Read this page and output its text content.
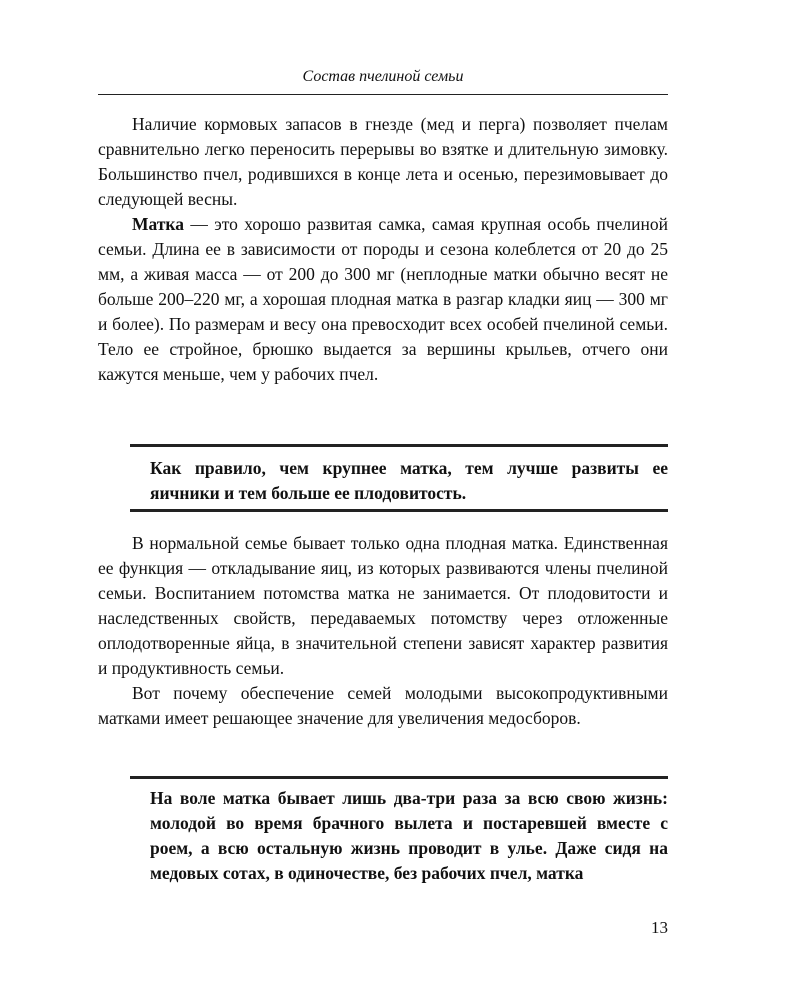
Состав пчелиной семьи

Наличие кормовых запасов в гнезде (мед и перга) позволяет пчелам сравнительно легко переносить перерывы во взятке и длительную зимовку. Большинство пчел, родившихся в конце лета и осенью, перезимовывает до следующей весны.

Матка — это хорошо развитая самка, самая крупная особь пчелиной семьи. Длина ее в зависимости от породы и сезона колеблется от 20 до 25 мм, а живая масса — от 200 до 300 мг (неплодные матки обычно весят не больше 200–220 мг, а хорошая плодная матка в разгар кладки яиц — 300 мг и более). По размерам и весу она превосходит всех особей пчелиной семьи. Тело ее стройное, брюшко выдается за вершины крыльев, отчего они кажутся меньше, чем у рабочих пчел.

Как правило, чем крупнее матка, тем лучше развиты ее яичники и тем больше ее плодовитость.

В нормальной семье бывает только одна плодная матка. Единственная ее функция — откладывание яиц, из которых развиваются члены пчелиной семьи. Воспитанием потомства матка не занимается. От плодовитости и наследственных свойств, передаваемых потомству через отложенные оплодотворенные яйца, в значительной степени зависят характер развития и продуктивность семьи.

Вот почему обеспечение семей молодыми высокопродуктивными матками имеет решающее значение для увеличения медосборов.

На воле матка бывает лишь два-три раза за всю свою жизнь: молодой во время брачного вылета и постаревшей вместе с роем, а всю остальную жизнь проводит в улье. Даже сидя на медовых сотах, в одиночестве, без рабочих пчел, матка

13
